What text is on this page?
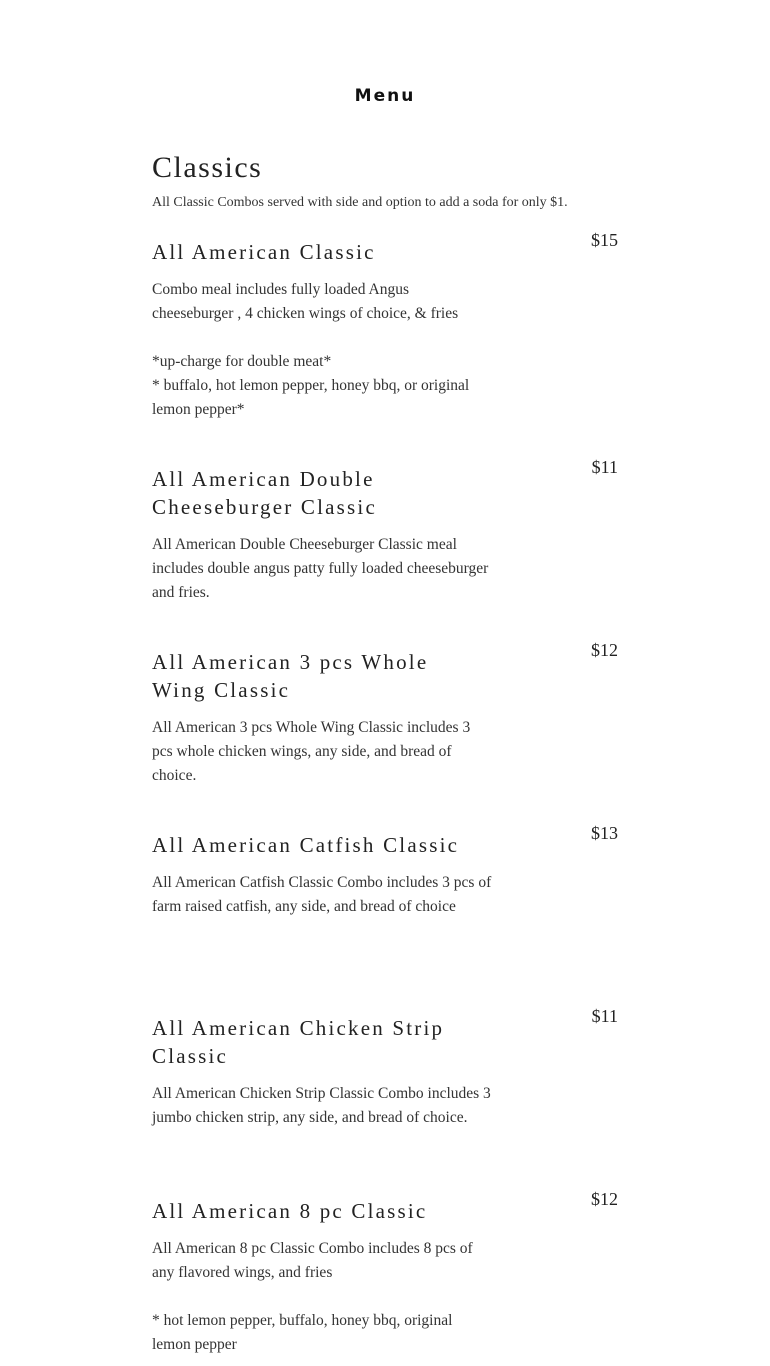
Menu
Classics

All Classic Combos served with side and option to add a soda for only $1.

All American Classic	$15
Combo meal includes fully loaded Angus cheeseburger , 4 chicken wings of choice, & fries
*up-charge for double meat*
* buffalo, hot lemon pepper, honey bbq, or original lemon pepper*
All American Double Cheeseburger Classic
$11
All American Double Cheeseburger Classic meal includes double angus patty fully loaded cheeseburger and fries.
All American 3 pcs Whole Wing Classic
$12
All American 3 pcs Whole Wing Classic includes 3 pcs whole chicken wings, any side, and bread of choice.
All American Catfish Classic	$13
All American Catfish Classic Combo includes 3 pcs of farm raised catfish, any side, and bread of choice
All American Chicken Strip Classic
$11
All American Chicken Strip Classic Combo includes 3 jumbo chicken strip, any side, and bread of choice.
All American 8 pc Classic	$12
All American 8 pc Classic Combo includes 8 pcs of any flavored wings, and fries
* hot lemon pepper, buffalo, honey bbq, original lemon pepper
